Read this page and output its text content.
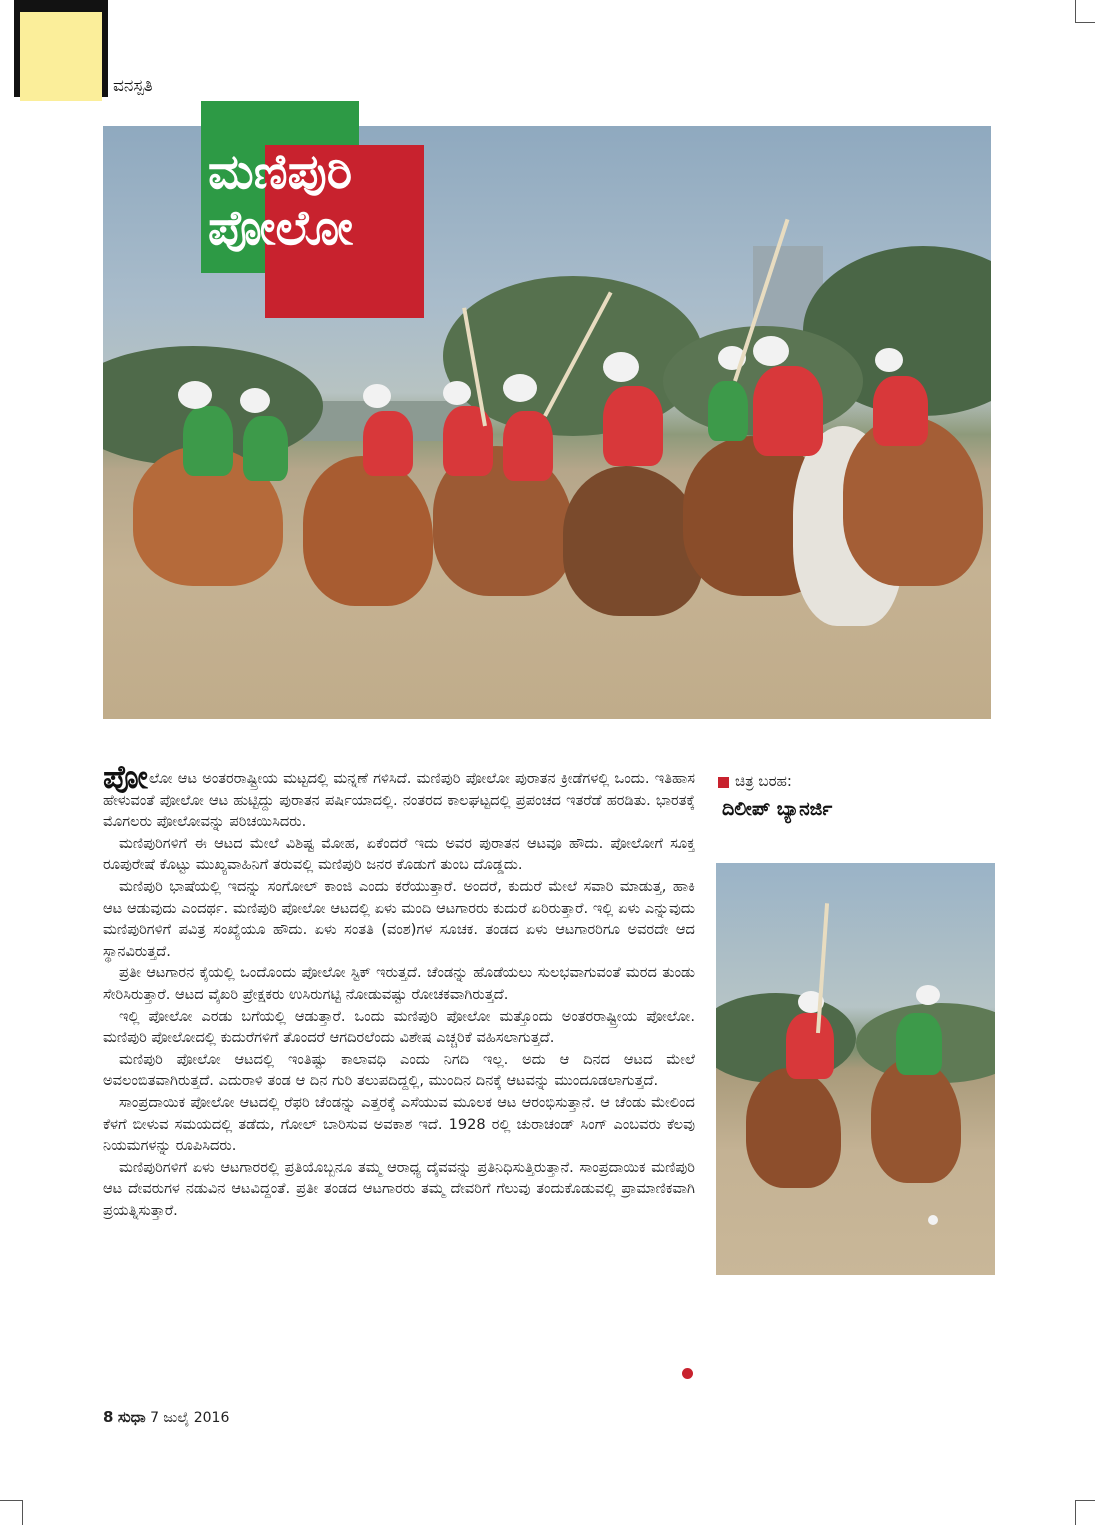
ವನಸ್ಪತಿ
ಮಣಿಪುರಿ
ಪೋಲೋ
ಪೋ ಲೋ ಆಟ ಅಂತರರಾಷ್ಟ್ರೀಯ ಮಟ್ಟದಲ್ಲಿ ಮನ್ನಣೆ ಗಳಿಸಿದೆ. ಮಣಿಪುರಿ ಪೋಲೋ ಪುರಾತನ ಕ್ರೀಡೆಗಳಲ್ಲಿ ಒಂದು. ಇತಿಹಾಸ ಹೇಳುವಂತೆ ಪೋಲೋ ಆಟ ಹುಟ್ಟಿದ್ದು ಪುರಾತನ ಪರ್ಷಿಯಾದಲ್ಲಿ. ನಂತರದ ಕಾಲಘಟ್ಟದಲ್ಲಿ ಪ್ರಪಂಚದ ಇತರೆಡೆ ಹರಡಿತು. ಭಾರತಕ್ಕೆ ಮೊಗಲರು ಪೋಲೋವನ್ನು ಪರಿಚಯಿಸಿದರು.

ಮಣಿಪುರಿಗಳಿಗೆ ಈ ಆಟದ ಮೇಲೆ ವಿಶಿಷ್ಟ ಮೋಹ, ಏಕೆಂದರೆ ಇದು ಅವರ ಪುರಾತನ ಆಟವೂ ಹೌದು. ಪೋಲೋಗೆ ಸೂಕ್ತ ರೂಪುರೇಷೆ ಕೊಟ್ಟು ಮುಖ್ಯವಾಹಿನಿಗೆ ತರುವಲ್ಲಿ ಮಣಿಪುರಿ ಜನರ ಕೊಡುಗೆ ತುಂಬ ದೊಡ್ಡದು.

ಮಣಿಪುರಿ ಭಾಷೆಯಲ್ಲಿ ಇದನ್ನು ಸಂಗೋಲ್ ಕಾಂಜಿ ಎಂದು ಕರೆಯುತ್ತಾರೆ. ಅಂದರೆ, ಕುದುರೆ ಮೇಲೆ ಸವಾರಿ ಮಾಡುತ್ತ, ಹಾಕಿ ಆಟ ಆಡುವುದು ಎಂದರ್ಥ. ಮಣಿಪುರಿ ಪೋಲೋ ಆಟದಲ್ಲಿ ಏಳು ಮಂದಿ ಆಟಗಾರರು ಕುದುರೆ ಏರಿರುತ್ತಾರೆ. ಇಲ್ಲಿ ಏಳು ಎನ್ನುವುದು ಮಣಿಪುರಿಗಳಿಗೆ ಪವಿತ್ರ ಸಂಖ್ಯೆಯೂ ಹೌದು. ಏಳು ಸಂತತಿ (ವಂಶ)ಗಳ ಸೂಚಕ. ತಂಡದ ಏಳು ಆಟಗಾರರಿಗೂ ಅವರದೇ ಆದ ಸ್ಥಾನವಿರುತ್ತದೆ.

ಪ್ರತೀ ಆಟಗಾರನ ಕೈಯಲ್ಲಿ ಒಂದೊಂದು ಪೋಲೋ ಸ್ಟಿಕ್ ಇರುತ್ತದೆ. ಚೆಂಡನ್ನು ಹೊಡೆಯಲು ಸುಲಭವಾಗುವಂತೆ ಮರದ ತುಂಡು ಸೇರಿಸಿರುತ್ತಾರೆ. ಆಟದ ವೈಖರಿ ಪ್ರೇಕ್ಷಕರು ಉಸಿರುಗಟ್ಟಿ ನೋಡುವಷ್ಟು ರೋಚಕವಾಗಿರುತ್ತದೆ.

ಇಲ್ಲಿ ಪೋಲೋ ಎರಡು ಬಗೆಯಲ್ಲಿ ಆಡುತ್ತಾರೆ. ಒಂದು ಮಣಿಪುರಿ ಪೋಲೋ ಮತ್ತೊಂದು ಅಂತರರಾಷ್ಟ್ರೀಯ ಪೋಲೋ. ಮಣಿಪುರಿ ಪೋಲೋದಲ್ಲಿ ಕುದುರೆಗಳಿಗೆ ತೊಂದರೆ ಆಗದಿರಲೆಂದು ವಿಶೇಷ ಎಚ್ಚರಿಕೆ ವಹಿಸಲಾಗುತ್ತದೆ.

ಮಣಿಪುರಿ ಪೋಲೋ ಆಟದಲ್ಲಿ ಇಂತಿಷ್ಟು ಕಾಲಾವಧಿ ಎಂದು ನಿಗದಿ ಇಲ್ಲ. ಅದು ಆ ದಿನದ ಆಟದ ಮೇಲೆ ಅವಲಂಬಿತವಾಗಿರುತ್ತದೆ. ಎದುರಾಳಿ ತಂಡ ಆ ದಿನ ಗುರಿ ತಲುಪದಿದ್ದಲ್ಲಿ, ಮುಂದಿನ ದಿನಕ್ಕೆ ಆಟವನ್ನು ಮುಂದೂಡಲಾಗುತ್ತದೆ.

ಸಾಂಪ್ರದಾಯಿಕ ಪೋಲೋ ಆಟದಲ್ಲಿ ರೆಫರಿ ಚೆಂಡನ್ನು ಎತ್ತರಕ್ಕೆ ಎಸೆಯುವ ಮೂಲಕ ಆಟ ಆರಂಭಿಸುತ್ತಾನೆ. ಆ ಚೆಂಡು ಮೇಲಿಂದ ಕೆಳಗೆ ಬೀಳುವ ಸಮಯದಲ್ಲಿ ತಡೆದು, ಗೋಲ್ ಬಾರಿಸುವ ಅವಕಾಶ ಇದೆ. 1928 ರಲ್ಲಿ ಚುರಾಚಂಡ್ ಸಿಂಗ್ ಎಂಬವರು ಕೆಲವು ನಿಯಮಗಳನ್ನು ರೂಪಿಸಿದರು.

ಮಣಿಪುರಿಗಳಿಗೆ ಏಳು ಆಟಗಾರರಲ್ಲಿ ಪ್ರತಿಯೊಬ್ಬನೂ ತಮ್ಮ ಆರಾಧ್ಯ ದೈವವನ್ನು ಪ್ರತಿನಿಧಿಸುತ್ತಿರುತ್ತಾನೆ. ಸಾಂಪ್ರದಾಯಿಕ ಮಣಿಪುರಿ ಆಟ ದೇವರುಗಳ ನಡುವಿನ ಆಟವಿದ್ದಂತೆ. ಪ್ರತೀ ತಂಡದ ಆಟಗಾರರು ತಮ್ಮ ದೇವರಿಗೆ ಗೆಲುವು ತಂದುಕೊಡುವಲ್ಲಿ ಪ್ರಾಮಾಣಿಕವಾಗಿ ಪ್ರಯತ್ನಿಸುತ್ತಾರೆ.

ಚಿತ್ರ ಬರಹ:
ದಿಲೀಪ್ ಬ್ಯಾನರ್ಜಿ
8 ಸುಧಾ 7 ಜುಲೈ 2016
